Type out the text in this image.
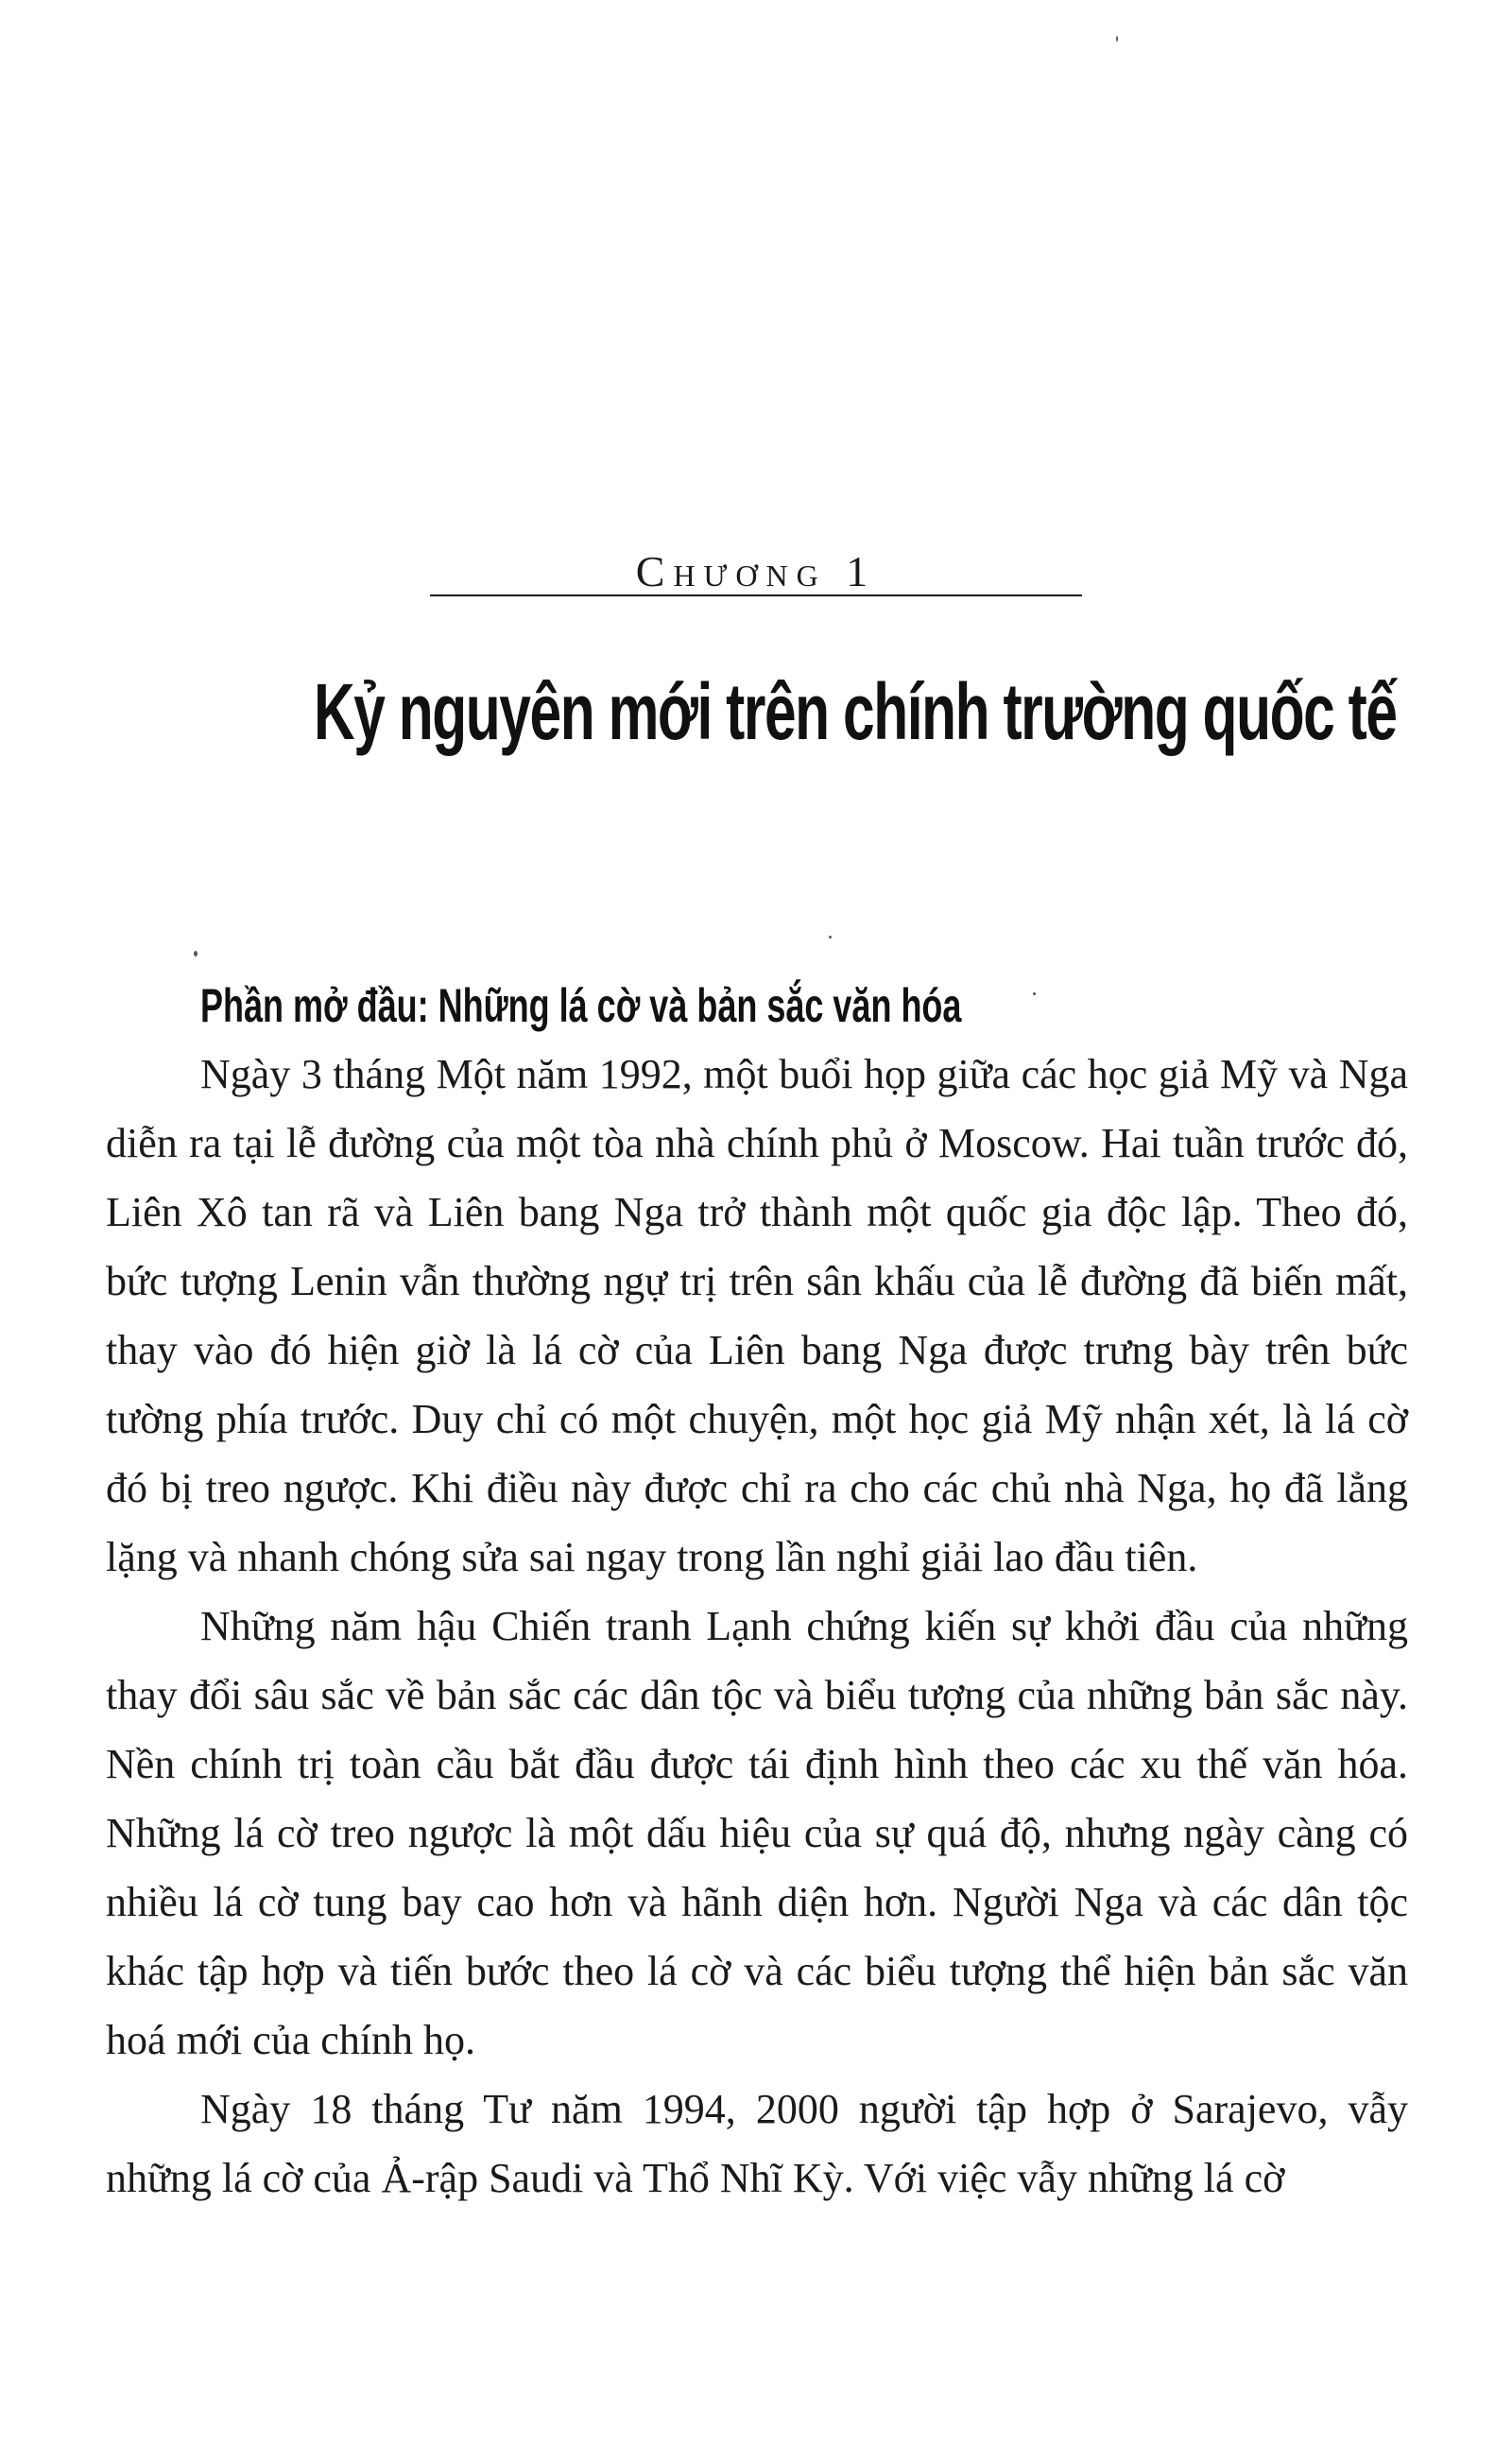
Chương 1
Kỷ nguyên mới trên chính trường quốc tế
Phần mở đầu: Những lá cờ và bản sắc văn hóa

Ngày 3 tháng Một năm 1992, một buổi họp giữa các học giả Mỹ và Nga diễn ra tại lễ đường của một tòa nhà chính phủ ở Moscow. Hai tuần trước đó, Liên Xô tan rã và Liên bang Nga trở thành một quốc gia độc lập. Theo đó, bức tượng Lenin vẫn thường ngự trị trên sân khấu của lễ đường đã biến mất, thay vào đó hiện giờ là lá cờ của Liên bang Nga được trưng bày trên bức tường phía trước. Duy chỉ có một chuyện, một học giả Mỹ nhận xét, là lá cờ đó bị treo ngược. Khi điều này được chỉ ra cho các chủ nhà Nga, họ đã lẳng lặng và nhanh chóng sửa sai ngay trong lần nghỉ giải lao đầu tiên.

Những năm hậu Chiến tranh Lạnh chứng kiến sự khởi đầu của những thay đổi sâu sắc về bản sắc các dân tộc và biểu tượng của những bản sắc này. Nền chính trị toàn cầu bắt đầu được tái định hình theo các xu thế văn hóa. Những lá cờ treo ngược là một dấu hiệu của sự quá độ, nhưng ngày càng có nhiều lá cờ tung bay cao hơn và hãnh diện hơn. Người Nga và các dân tộc khác tập hợp và tiến bước theo lá cờ và các biểu tượng thể hiện bản sắc văn hoá mới của chính họ.

Ngày 18 tháng Tư năm 1994, 2000 người tập hợp ở Sarajevo, vẫy những lá cờ của Ả-rập Saudi và Thổ Nhĩ Kỳ. Với việc vẫy những lá cờ
